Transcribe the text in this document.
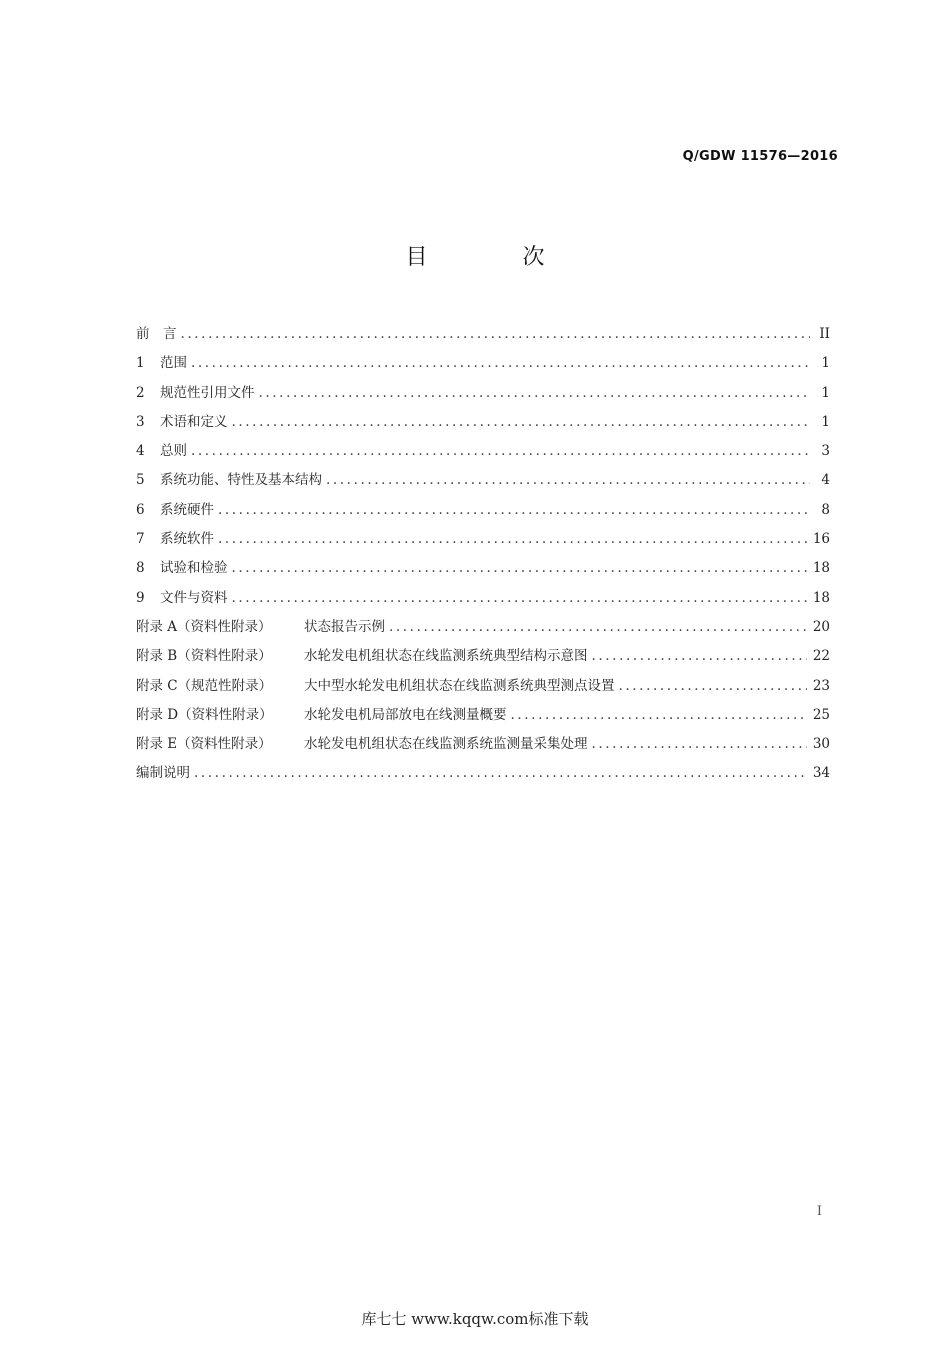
Q/GDW 11576—2016
目 次
前　言 .....	II
1	范围 .....	1
2	规范性引用文件 .....	1
3	术语和定义 .....	1
4	总则 .....	3
5	系统功能、特性及基本结构 .....	4
6	系统硬件 .....	8
7	系统软件 .....	16
8	试验和检验 .....	18
9	文件与资料 .....	18
附录 A（资料性附录）	状态报告示例 .....	20
附录 B（资料性附录）	水轮发电机组状态在线监测系统典型结构示意图 .....	22
附录 C（规范性附录）	大中型水轮发电机组状态在线监测系统典型测点设置 .....	23
附录 D（资料性附录）	水轮发电机局部放电在线测量概要 .....	25
附录 E（资料性附录）	水轮发电机组状态在线监测系统监测量采集处理 .....	30
编制说明 .....	34
I
库七七 www.kqqw.com标准下载
